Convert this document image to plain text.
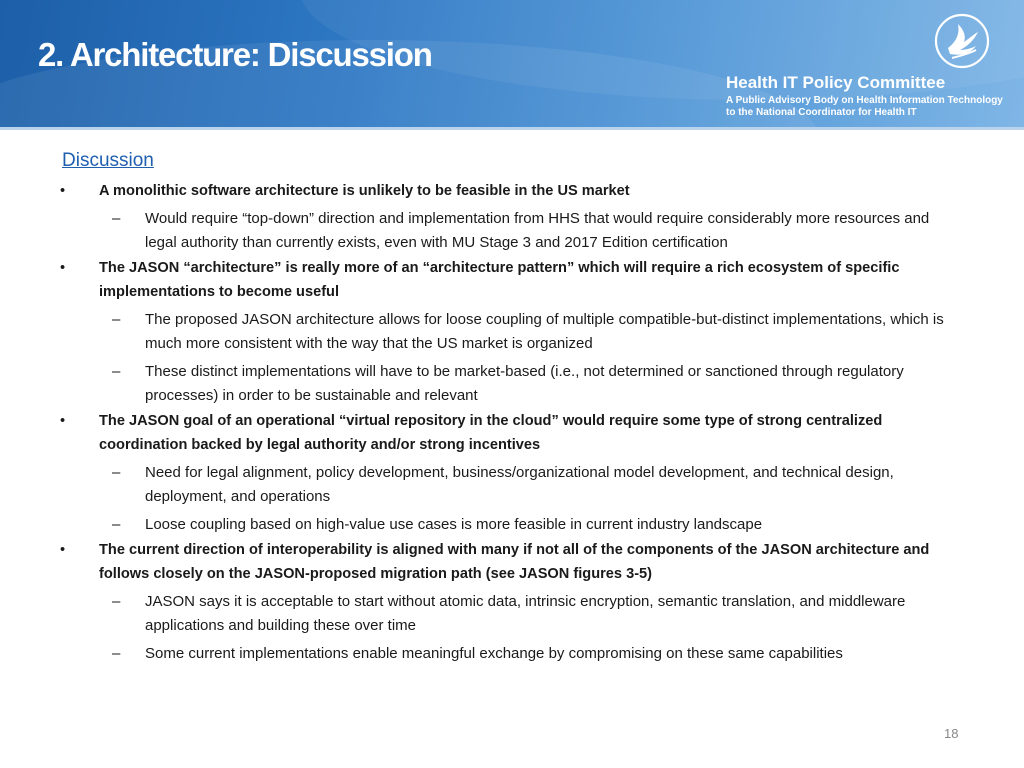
2. Architecture: Discussion
Health IT Policy Committee
A Public Advisory Body on Health Information Technology
to the National Coordinator for Health IT
Discussion
• A monolithic software architecture is unlikely to be feasible in the US market
– Would require “top-down” direction and implementation from HHS that would require considerably more resources and legal authority than currently exists, even with MU Stage 3 and 2017 Edition certification
• The JASON “architecture” is really more of an “architecture pattern” which will require a rich ecosystem of specific implementations to become useful
– The proposed JASON architecture allows for loose coupling of multiple compatible-but-distinct implementations, which is much more consistent with the way that the US market is organized
– These distinct implementations will have to be market-based (i.e., not determined or sanctioned through regulatory processes) in order to be sustainable and relevant
• The JASON goal of an operational “virtual repository in the cloud” would require some type of strong centralized coordination backed by legal authority and/or strong incentives
– Need for legal alignment, policy development, business/organizational model development, and technical design, deployment, and operations
– Loose coupling based on high-value use cases is more feasible in current industry landscape
• The current direction of interoperability is aligned with many if not all of the components of the JASON architecture and follows closely on the JASON-proposed migration path (see JASON figures 3-5)
– JASON says it is acceptable to start without atomic data, intrinsic encryption, semantic translation, and middleware applications and building these over time
– Some current implementations enable meaningful exchange by compromising on these same capabilities
18
